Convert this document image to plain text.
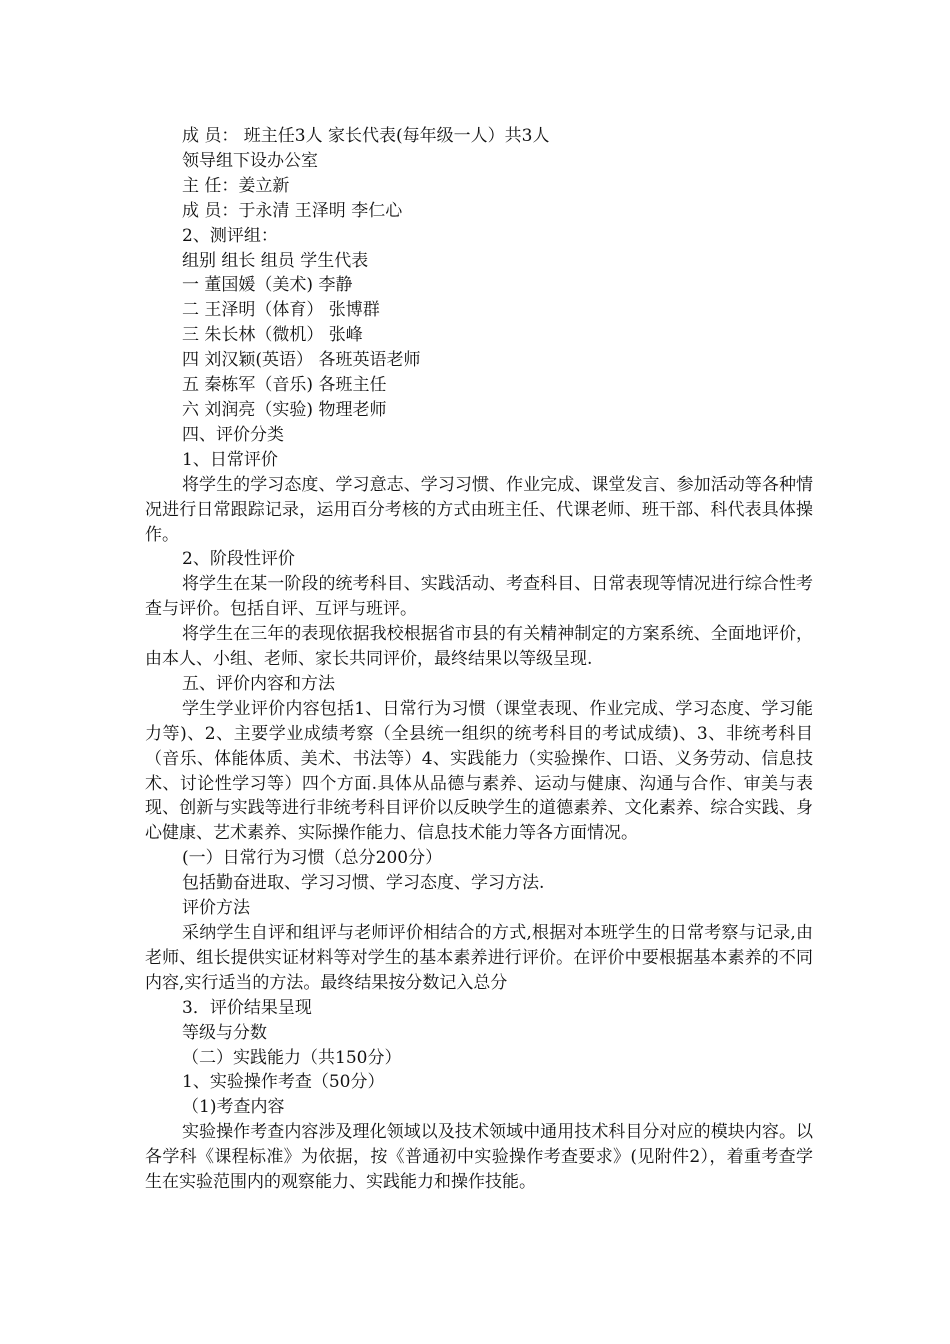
成 员： 班主任3人 家长代表(每年级一人）共3人

领导组下设办公室

主 任：姜立新

成 员：于永清 王泽明 李仁心

2、测评组：

组别 组长 组员 学生代表

一 董国媛（美术) 李静

二 王泽明（体育） 张博群

三 朱长林（微机） 张峰

四 刘汉颖(英语） 各班英语老师

五 秦栋军（音乐) 各班主任

六 刘润亮（实验) 物理老师

四、评价分类

1、日常评价

将学生的学习态度、学习意志、学习习惯、作业完成、课堂发言、参加活动等各种情况进行日常跟踪记录，运用百分考核的方式由班主任、代课老师、班干部、科代表具体操作。

2、阶段性评价

将学生在某一阶段的统考科目、实践活动、考查科目、日常表现等情况进行综合性考查与评价。包括自评、互评与班评。

将学生在三年的表现依据我校根据省市县的有关精神制定的方案系统、全面地评价，由本人、小组、老师、家长共同评价，最终结果以等级呈现.

五、评价内容和方法

学生学业评价内容包括1、日常行为习惯（课堂表现、作业完成、学习态度、学习能力等)、2、主要学业成绩考察（全县统一组织的统考科目的考试成绩)、3、非统考科目（音乐、体能体质、美术、书法等）4、实践能力（实验操作、口语、义务劳动、信息技术、讨论性学习等）四个方面.具体从品德与素养、运动与健康、沟通与合作、审美与表现、创新与实践等进行非统考科目评价以反映学生的道德素养、文化素养、综合实践、身心健康、艺术素养、实际操作能力、信息技术能力等各方面情况。

(一）日常行为习惯（总分200分）

包括勤奋进取、学习习惯、学习态度、学习方法.

评价方法

采纳学生自评和组评与老师评价相结合的方式,根据对本班学生的日常考察与记录,由老师、组长提供实证材料等对学生的基本素养进行评价。在评价中要根据基本素养的不同内容,实行适当的方法。最终结果按分数记入总分

3．评价结果呈现

等级与分数

（二）实践能力（共150分）

1、实验操作考查（50分）

（1)考查内容

实验操作考查内容涉及理化领域以及技术领域中通用技术科目分对应的模块内容。以各学科《课程标准》为依据，按《普通初中实验操作考查要求》(见附件2），着重考查学生在实验范围内的观察能力、实践能力和操作技能。
